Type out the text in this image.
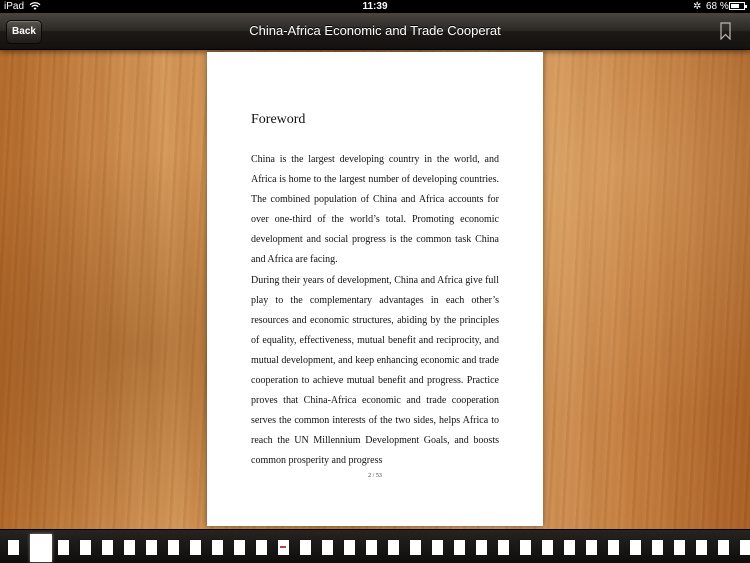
iPad	11:39	✲ 68 %
Back	China-Africa Economic and Trade Cooperat
Foreword

China is the largest developing country in the world, and Africa is home to the largest number of developing countries. The combined population of China and Africa accounts for over one-third of the world’s total. Promoting economic development and social progress is the common task China and Africa are facing.

During their years of development, China and Africa give full play to the complementary advantages in each other’s resources and economic structures, abiding by the principles of equality, effectiveness, mutual benefit and reciprocity, and mutual development, and keep enhancing economic and trade cooperation to achieve mutual benefit and progress. Practice proves that China-Africa economic and trade cooperation serves the common interests of the two sides, helps Africa to reach the UN Millennium Development Goals, and boosts common prosperity and progress

2 / 53
